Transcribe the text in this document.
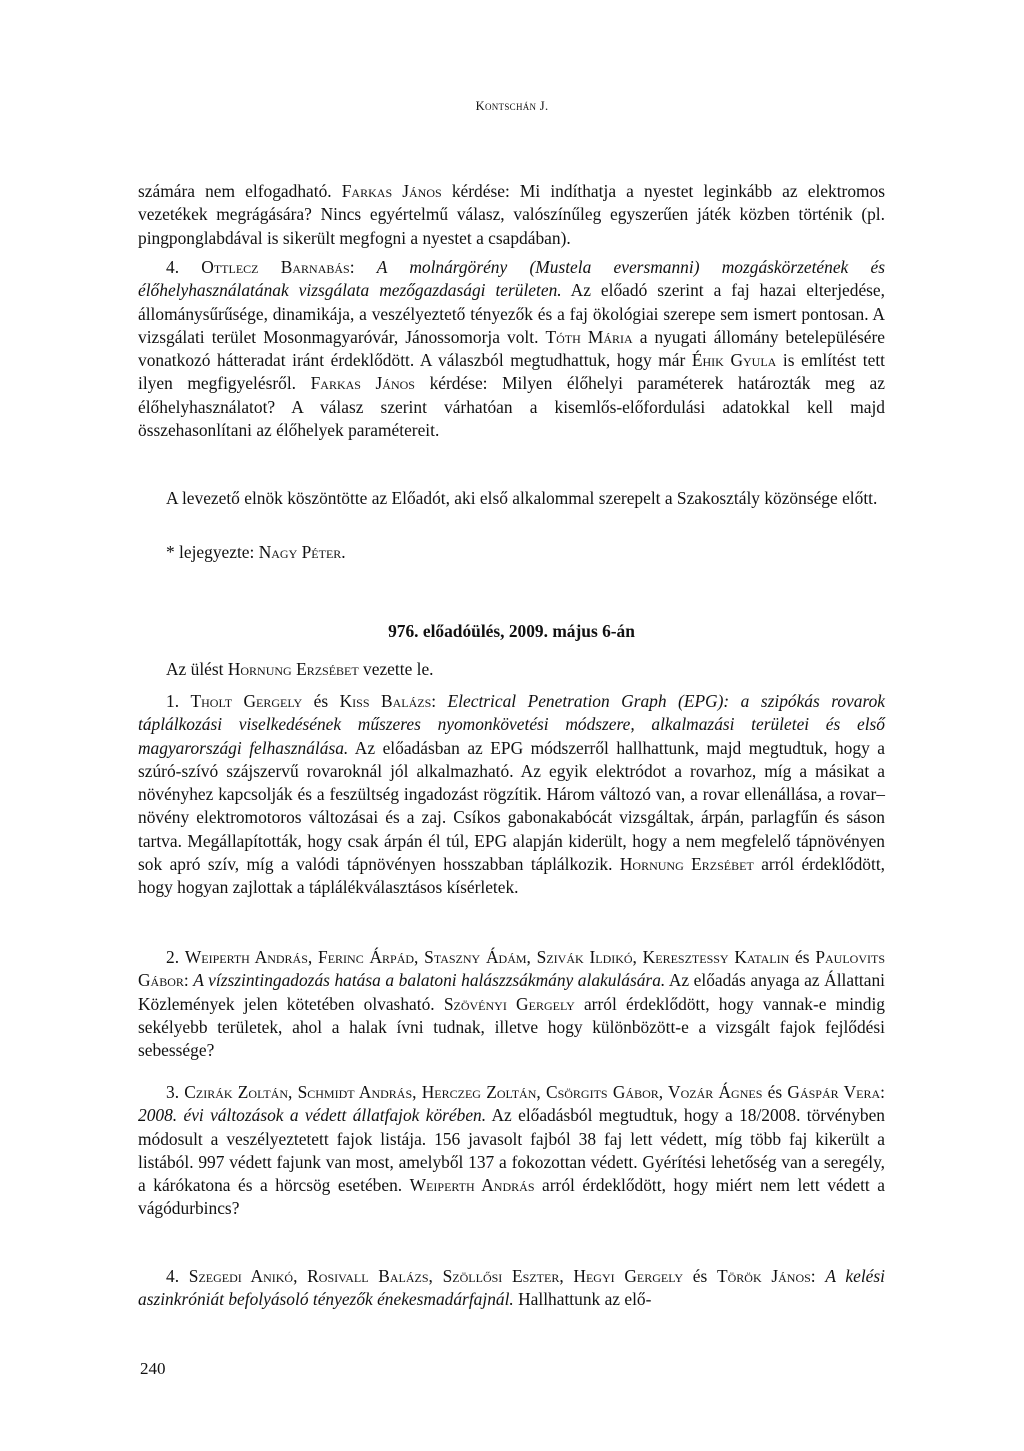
Kontschán J.

számára nem elfogadható. Farkas János kérdése: Mi indíthatja a nyestet leginkább az elektromos vezetékek megrágására? Nincs egyértelmű válasz, valószínűleg egyszerűen játék közben történik (pl. pingponglabdával is sikerült megfogni a nyestet a csapdában).

4. Ottlecz Barnabás: A molnárgörény (Mustela eversmanni) mozgáskörzetének és élőhelyhasználatának vizsgálata mezőgazdasági területen. Az előadó szerint a faj hazai elterjedése, állománysűrűsége, dinamikája, a veszélyeztető tényezők és a faj ökológiai szerepe sem ismert pontosan. A vizsgálati terület Mosonmagyaróvár, Jánossomorja volt. Tóth Mária a nyugati állomány betelepülésére vonatkozó hátteradat iránt érdeklődött. A válaszból megtudhattuk, hogy már Éhik Gyula is említést tett ilyen megfigyelésről. Farkas János kérdése: Milyen élőhelyi paraméterek határozták meg az élőhelyhasználatot? A válasz szerint várhatóan a kisemlős-előfordulási adatokkal kell majd összehasonlítani az élőhelyek paramétereit.

A levezető elnök köszöntötte az Előadót, aki első alkalommal szerepelt a Szakosztály közönsége előtt.

* lejegyezte: Nagy Péter.

976. előadóülés, 2009. május 6-án

Az ülést Hornung Erzsébet vezette le.

1. Tholt Gergely és Kiss Balázs: Electrical Penetration Graph (EPG): a szipókás rovarok táplálkozási viselkedésének műszeres nyomonkövetési módszere, alkalmazási területei és első magyarországi felhasználása. Az előadásban az EPG módszerről hallhattunk, majd megtudtuk, hogy a szúró-szívó szájszervű rovaroknál jól alkalmazható. Az egyik elektródot a rovarhoz, míg a másikat a növényhez kapcsolják és a feszültség ingadozást rögzítik. Három változó van, a rovar ellenállása, a rovar–növény elektromotoros változásai és a zaj. Csíkos gabonakabócát vizsgáltak, árpán, parlagfűn és sáson tartva. Megállapították, hogy csak árpán él túl, EPG alapján kiderült, hogy a nem megfelelő tápnövényen sok apró szív, míg a valódi tápnövényen hosszabban táplálkozik. Hornung Erzsébet arról érdeklődött, hogy hogyan zajlottak a táplálékválasztásos kísérletek.

2. Weiperth András, Ferinc Árpád, Staszny Ádám, Szivák Ildikó, Keresztessy Katalin és Paulovits Gábor: A vízszintingadozás hatása a balatoni halászzsákmány alakulására. Az előadás anyaga az Állattani Közlemények jelen kötetében olvasható. Szövényi Gergely arról érdeklődött, hogy vannak-e mindig sekélyebb területek, ahol a halak ívni tudnak, illetve hogy különbözött-e a vizsgált fajok fejlődési sebessége?

3. Czirák Zoltán, Schmidt András, Herczeg Zoltán, Csörgits Gábor, Vozár Ágnes és Gáspár Vera: 2008. évi változások a védett állatfajok körében. Az előadásból megtudtuk, hogy a 18/2008. törvényben módosult a veszélyeztetett fajok listája. 156 javasolt fajból 38 faj lett védett, míg több faj kikerült a listából. 997 védett fajunk van most, amelyből 137 a fokozottan védett. Gyérítési lehetőség van a seregély, a kárókatona és a hörcsög esetében. Weiperth András arról érdeklődött, hogy miért nem lett védett a vágódurbincs?

4. Szegedi Anikó, Rosivall Balázs, Szöllősi Eszter, Hegyi Gergely és Török János: A kelési aszinkróniát befolyásoló tényezők énekesmadárfajnál. Hallhattunk az elő-

240
